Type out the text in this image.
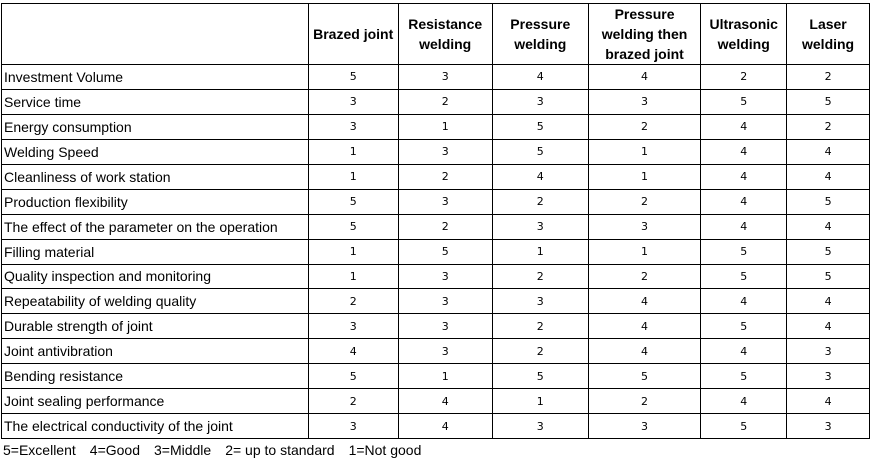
	Brazed joint	Resistance welding	Pressure welding	Pressure welding then brazed joint	Ultrasonic welding	Laser welding
Investment Volume	5	3	4	4	2	2
Service time	3	2	3	3	5	5
Energy consumption	3	1	5	2	4	2
Welding Speed	1	3	5	1	4	4
Cleanliness of work station	1	2	4	1	4	4
Production flexibility	5	3	2	2	4	5
The effect of the parameter on the operation	5	2	3	3	4	4
Filling material	1	5	1	1	5	5
Quality inspection and monitoring	1	3	2	2	5	5
Repeatability of welding quality	2	3	3	4	4	4
Durable strength of joint	3	3	2	4	5	4
Joint antivibration	4	3	2	4	4	3
Bending resistance	5	1	5	5	5	3
Joint sealing performance	2	4	1	2	4	4
The electrical conductivity of the joint	3	4	3	3	5	3
5=Excellent 4=Good 3=Middle 2= up to standard 1=Not good
